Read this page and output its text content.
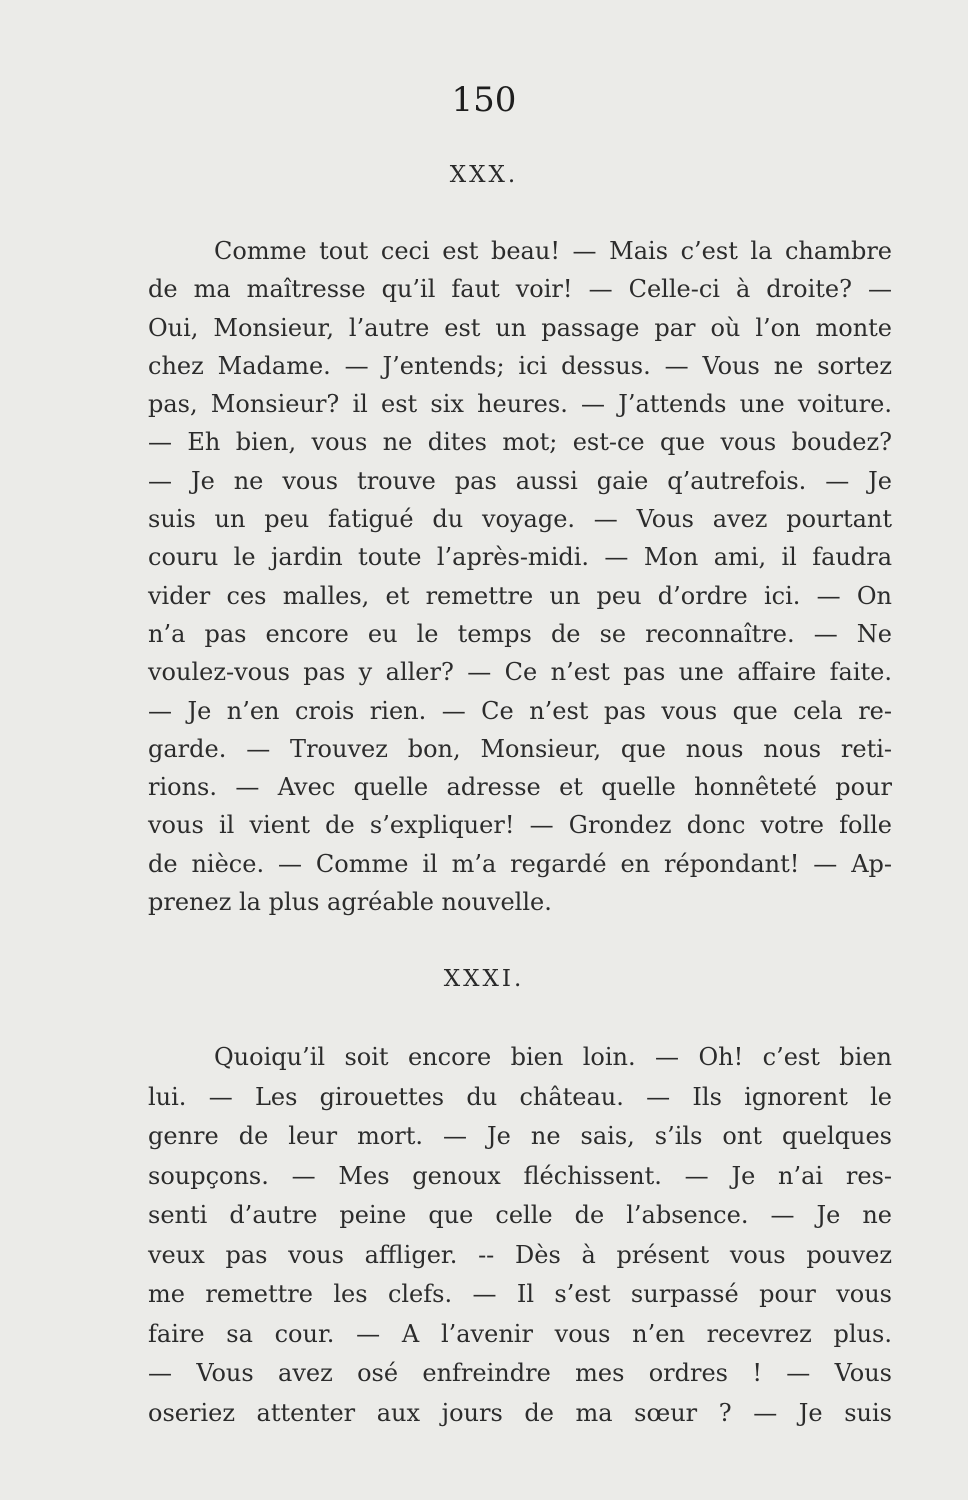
150
XXX.
Comme tout ceci est beau! — Mais c’est la chambre
de ma maîtresse qu’il faut voir! — Celle-ci à droite? —
Oui, Monsieur, l’autre est un passage par où l’on monte
chez Madame. — J’entends; ici dessus. — Vous ne sortez
pas, Monsieur? il est six heures. — J’attends une voiture.
— Eh bien, vous ne dites mot; est-ce que vous boudez?
— Je ne vous trouve pas aussi gaie q’autrefois. — Je
suis un peu fatigué du voyage. — Vous avez pourtant
couru le jardin toute l’après-midi. — Mon ami, il faudra
vider ces malles, et remettre un peu d’ordre ici. — On
n’a pas encore eu le temps de se reconnaître. — Ne
voulez-vous pas y aller? — Ce n’est pas une affaire faite.
— Je n’en crois rien. — Ce n’est pas vous que cela re-
garde. — Trouvez bon, Monsieur, que nous nous reti-
rions. — Avec quelle adresse et quelle honnêteté pour
vous il vient de s’expliquer! — Grondez donc votre folle
de nièce. — Comme il m’a regardé en répondant! — Ap-
prenez la plus agréable nouvelle.
XXXI.
Quoiqu’il soit encore bien loin. — Oh! c’est bien
lui. — Les girouettes du château. — Ils ignorent le
genre de leur mort. — Je ne sais, s’ils ont quelques
soupçons. — Mes genoux fléchissent. — Je n’ai res-
senti d’autre peine que celle de l’absence. — Je ne
veux pas vous affliger. -- Dès à présent vous pouvez
me remettre les clefs. — Il s’est surpassé pour vous
faire sa cour. — A l’avenir vous n’en recevrez plus.
— Vous avez osé enfreindre mes ordres ! — Vous
oseriez attenter aux jours de ma sœur ? — Je suis
